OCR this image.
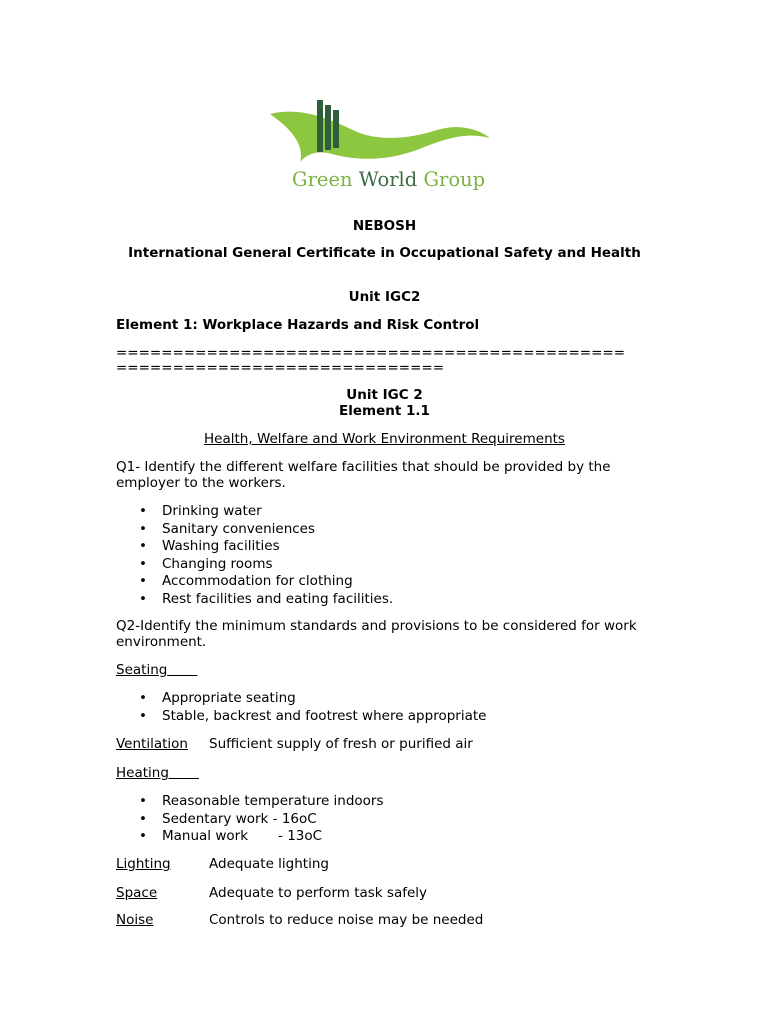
Green World Group
NEBOSH
International General Certificate in Occupational Safety and Health
Unit IGC2
Element 1: Workplace Hazards and Risk Control
=============================================
=============================
Unit IGC 2
Element 1.1
Health, Welfare and Work Environment Requirements
Q1- Identify the different welfare facilities that should be provided by the employer to the workers.
• Drinking water
• Sanitary conveniences
• Washing facilities
• Changing rooms
• Accommodation for clothing
• Rest facilities and eating facilities.
Q2-Identify the minimum standards and provisions to be considered for work environment.
Seating
• Appropriate seating
• Stable, backrest and footrest where appropriate
Ventilation Sufficient supply of fresh or purified air
Heating
• Reasonable temperature indoors
• Sedentary work - 16oC
• Manual work       - 13oC
Lighting	Adequate lighting
Space	Adequate to perform task safely
Noise	Controls to reduce noise may be needed
